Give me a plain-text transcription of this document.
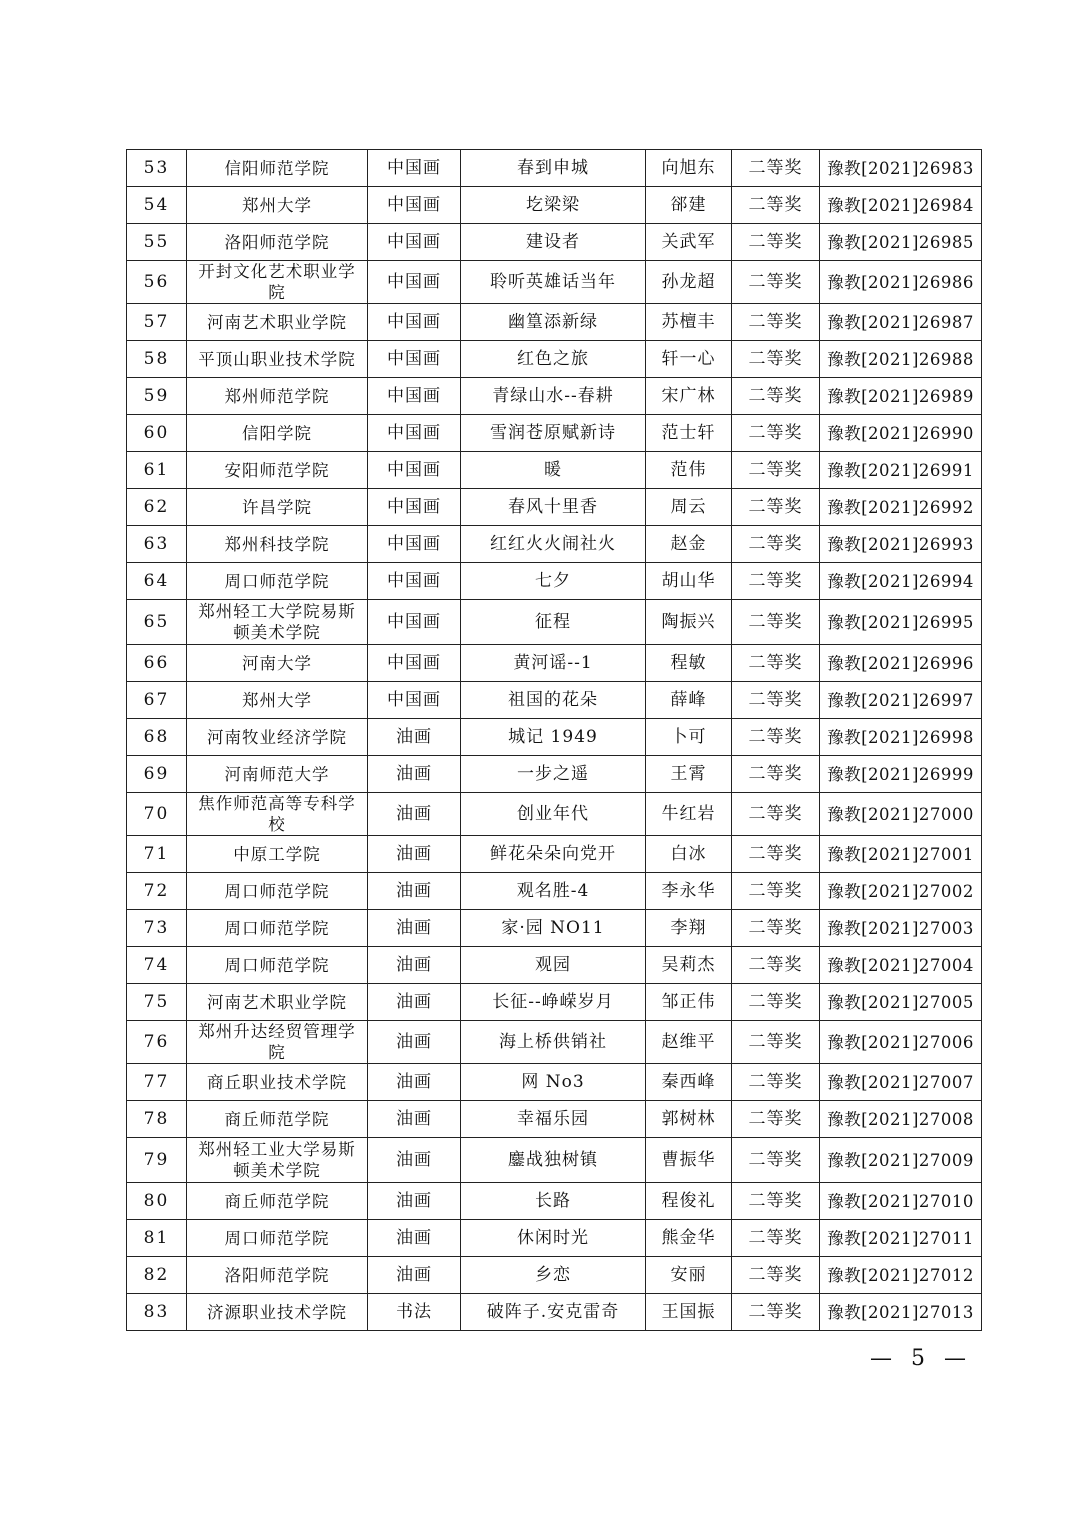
53	信阳师范学院	中国画	春到申城	向旭东	二等奖	豫教[2021]26983
54	郑州大学	中国画	圪梁梁	郤建	二等奖	豫教[2021]26984
55	洛阳师范学院	中国画	建设者	关武军	二等奖	豫教[2021]26985
56	开封文化艺术职业学院	中国画	聆听英雄话当年	孙龙超	二等奖	豫教[2021]26986
57	河南艺术职业学院	中国画	幽篁添新绿	苏檀丰	二等奖	豫教[2021]26987
58	平顶山职业技术学院	中国画	红色之旅	轩一心	二等奖	豫教[2021]26988
59	郑州师范学院	中国画	青绿山水--春耕	宋广林	二等奖	豫教[2021]26989
60	信阳学院	中国画	雪润苍原赋新诗	范士轩	二等奖	豫教[2021]26990
61	安阳师范学院	中国画	暖	范伟	二等奖	豫教[2021]26991
62	许昌学院	中国画	春风十里香	周云	二等奖	豫教[2021]26992
63	郑州科技学院	中国画	红红火火闹社火	赵金	二等奖	豫教[2021]26993
64	周口师范学院	中国画	七夕	胡山华	二等奖	豫教[2021]26994
65	郑州轻工大学院易斯顿美术学院	中国画	征程	陶振兴	二等奖	豫教[2021]26995
66	河南大学	中国画	黄河谣--1	程敏	二等奖	豫教[2021]26996
67	郑州大学	中国画	祖国的花朵	薛峰	二等奖	豫教[2021]26997
68	河南牧业经济学院	油画	城记 1949	卜可	二等奖	豫教[2021]26998
69	河南师范大学	油画	一步之遥	王霄	二等奖	豫教[2021]26999
70	焦作师范高等专科学校	油画	创业年代	牛红岩	二等奖	豫教[2021]27000
71	中原工学院	油画	鲜花朵朵向党开	白冰	二等奖	豫教[2021]27001
72	周口师范学院	油画	观名胜-4	李永华	二等奖	豫教[2021]27002
73	周口师范学院	油画	家·园 NO11	李翔	二等奖	豫教[2021]27003
74	周口师范学院	油画	观园	吴莉杰	二等奖	豫教[2021]27004
75	河南艺术职业学院	油画	长征--峥嵘岁月	邹正伟	二等奖	豫教[2021]27005
76	郑州升达经贸管理学院	油画	海上桥供销社	赵维平	二等奖	豫教[2021]27006
77	商丘职业技术学院	油画	网 No3	秦西峰	二等奖	豫教[2021]27007
78	商丘师范学院	油画	幸福乐园	郭树林	二等奖	豫教[2021]27008
79	郑州轻工业大学易斯顿美术学院	油画	鏖战独树镇	曹振华	二等奖	豫教[2021]27009
80	商丘师范学院	油画	长路	程俊礼	二等奖	豫教[2021]27010
81	周口师范学院	油画	休闲时光	熊金华	二等奖	豫教[2021]27011
82	洛阳师范学院	油画	乡恋	安丽	二等奖	豫教[2021]27012
83	济源职业技术学院	书法	破阵子.安克雷奇	王国振	二等奖	豫教[2021]27013
— 5 —
